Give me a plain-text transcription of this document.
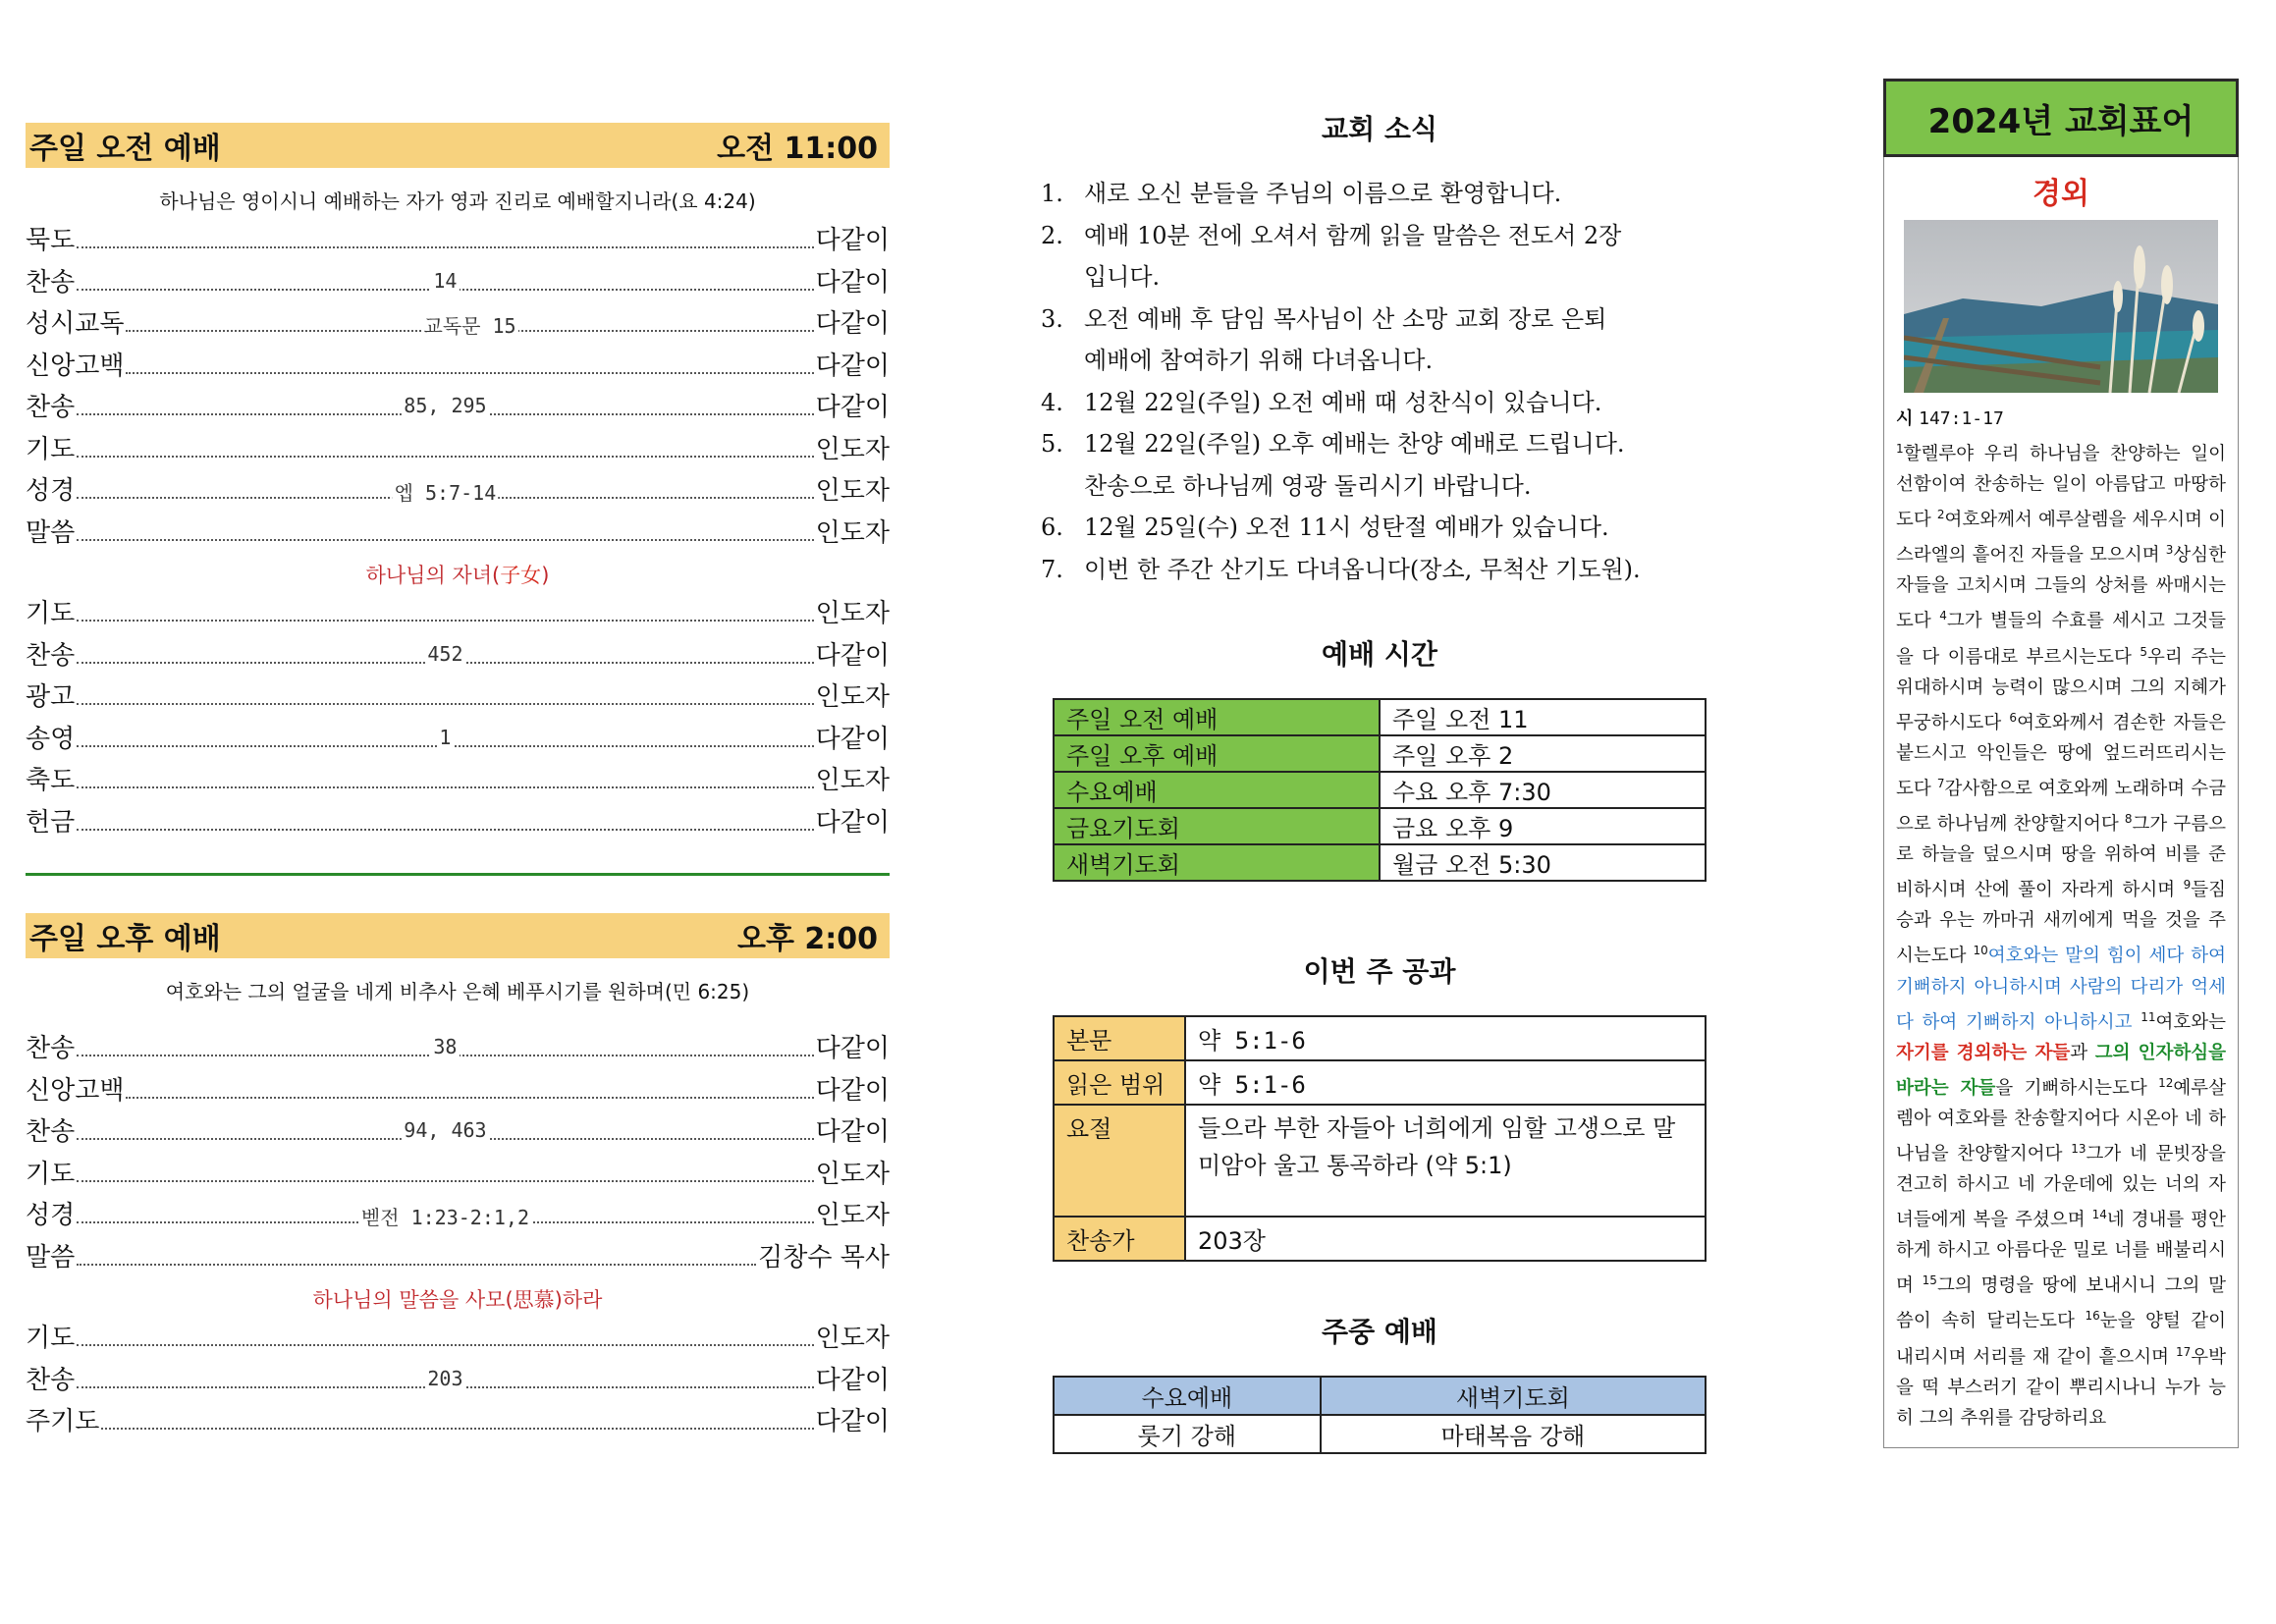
주일 오전 예배	오전 11:00
하나님은 영이시니 예배하는 자가 영과 진리로 예배할지니라(요 4:24)
묵도	다같이
찬송	14	다같이
성시교독	교독문 15	다같이
신앙고백	다같이
찬송	85, 295	다같이
기도	인도자
성경	엡 5:7-14	인도자
말씀	인도자
하나님의 자녀(子女)
기도	인도자
찬송	452	다같이
광고	인도자
송영	1	다같이
축도	인도자
헌금	다같이
주일 오후 예배	오후 2:00
여호와는 그의 얼굴을 네게 비추사 은혜 베푸시기를 원하며(민 6:25)
찬송	38	다같이
신앙고백	다같이
찬송	94, 463	다같이
기도	인도자
성경	벧전 1:23-2:1,2	인도자
말씀	김창수 목사
하나님의 말씀을 사모(思慕)하라
기도	인도자
찬송	203	다같이
주기도	다같이
교회 소식
1. 새로 오신 분들을 주님의 이름으로 환영합니다.
2. 예배 10분 전에 오셔서 함께 읽을 말씀은 전도서 2장
입니다.
3. 오전 예배 후 담임 목사님이 산 소망 교회 장로 은퇴
예배에 참여하기 위해 다녀옵니다.
4. 12월 22일(주일) 오전 예배 때 성찬식이 있습니다.
5. 12월 22일(주일) 오후 예배는 찬양 예배로 드립니다.
찬송으로 하나님께 영광 돌리시기 바랍니다.
6. 12월 25일(수) 오전 11시 성탄절 예배가 있습니다.
7. 이번 한 주간 산기도 다녀옵니다(장소, 무척산 기도원).
예배 시간
주일 오전 예배	주일 오전 11
주일 오후 예배	주일 오후 2
수요예배	수요 오후 7:30
금요기도회	금요 오후 9
새벽기도회	월금 오전 5:30
이번 주 공과
본문	약 5:1-6
읽은 범위	약 5:1-6
요절	들으라 부한 자들아 너희에게 임할 고생으로 말미암아 울고 통곡하라 (약 5:1)
찬송가	203장
주중 예배
수요예배	새벽기도회
룻기 강해	마태복음 강해
2024년 교회표어
경외
시 147:1-17
$^1$할렐루야 우리 하나님을 찬양하는 일이 선함이여 찬송하는 일이 아름답고 마땅하도다 $^2$여호와께서 예루살렘을 세우시며 이스라엘의 흩어진 자들을 모으시며 $^3$상심한 자들을 고치시며 그들의 상처를 싸매시는도다 $^4$그가 별들의 수효를 세시고 그것들을 다 이름대로 부르시는도다 $^5$우리 주는 위대하시며 능력이 많으시며 그의 지혜가 무궁하시도다 $^6$여호와께서 겸손한 자들은 붙드시고 악인들은 땅에 엎드러뜨리시는도다 $^7$감사함으로 여호와께 노래하며 수금으로 하나님께 찬양할지어다 $^8$그가 구름으로 하늘을 덮으시며 땅을 위하여 비를 준비하시며 산에 풀이 자라게 하시며 $^9$들짐승과 우는 까마귀 새끼에게 먹을 것을 주시는도다 $^{10}$여호와는 말의 힘이 세다 하여 기뻐하지 아니하시며 사람의 다리가 억세다 하여 기뻐하지 아니하시고 $^{11}$여호와는 자기를 경외하는 자들과 그의 인자하심을 바라는 자들을 기뻐하시는도다 $^{12}$예루살렘아 여호와를 찬송할지어다 시온아 네 하나님을 찬양할지어다 $^{13}$그가 네 문빗장을 견고히 하시고 네 가운데에 있는 너의 자녀들에게 복을 주셨으며 $^{14}$네 경내를 평안하게 하시고 아름다운 밀로 너를 배불리시며 $^{15}$그의 명령을 땅에 보내시니 그의 말씀이 속히 달리는도다 $^{16}$눈을 양털 같이 내리시며 서리를 재 같이 흩으시며 $^{17}$우박을 떡 부스러기 같이 뿌리시나니 누가 능히 그의 추위를 감당하리요
